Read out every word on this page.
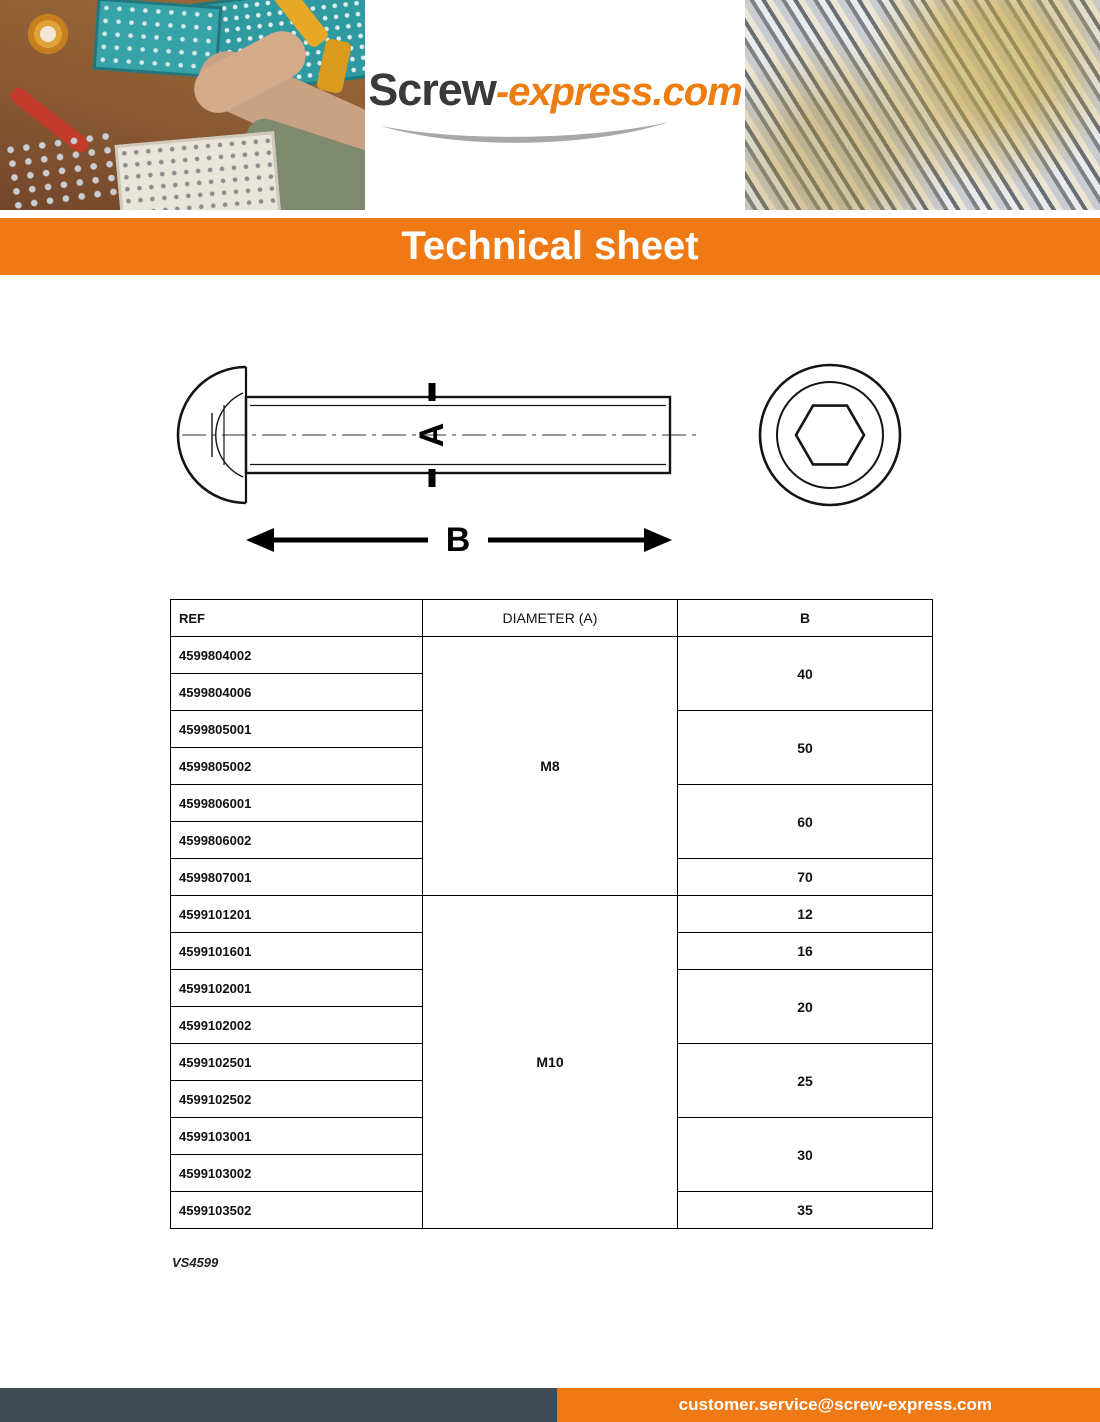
Screw-express.com
Technical sheet
A
B
REF	DIAMETER (A)	B
4599804002	M8	40
4599804006		
4599805001		50
4599805002		
4599806001		60
4599806002		
4599807001		70
4599101201	M10	12
4599101601		16
4599102001		20
4599102002		
4599102501		25
4599102502		
4599103001		30
4599103002		
4599103502		35
VS4599
customer.service@screw-express.com
